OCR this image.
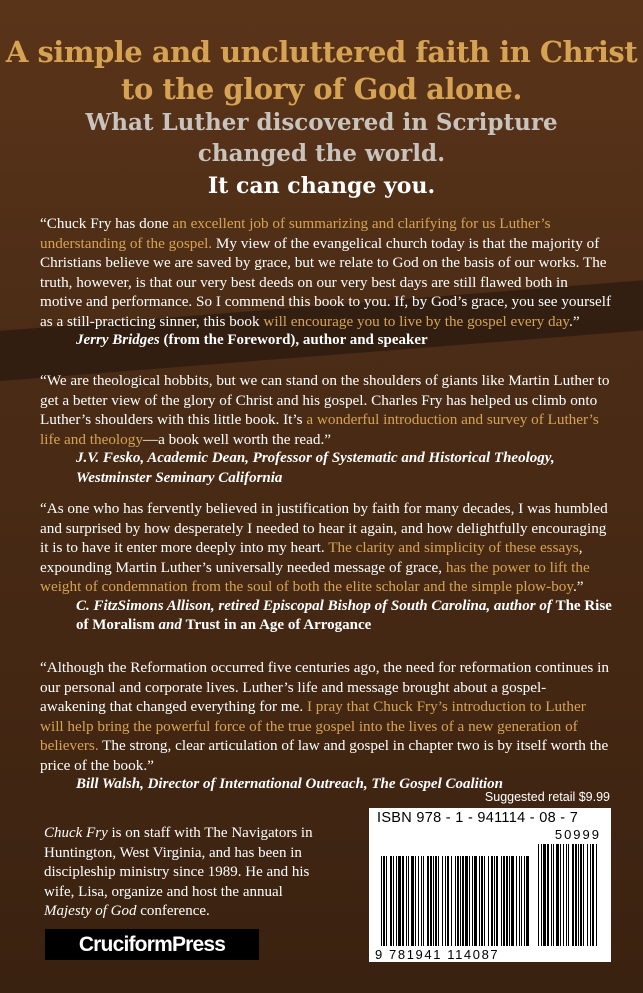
A simple and uncluttered faith in Christ
to the glory of God alone.
What Luther discovered in Scripture
changed the world.
It can change you.
“Chuck Fry has done an excellent job of summarizing and clarifying for us Luther’s understanding of the gospel. My view of the evangelical church today is that the majority of Christians believe we are saved by grace, but we relate to God on the basis of our works. The truth, however, is that our very best deeds on our very best days are still flawed both in motive and performance. So I commend this book to you. If, by God’s grace, you see yourself as a still-practicing sinner, this book will encourage you to live by the gospel every day.”
Jerry Bridges (from the Foreword), author and speaker
“We are theological hobbits, but we can stand on the shoulders of giants like Martin Luther to get a better view of the glory of Christ and his gospel. Charles Fry has helped us climb onto Luther’s shoulders with this little book. It’s a wonderful introduction and survey of Luther’s life and theology—a book well worth the read.”
J.V. Fesko, Academic Dean, Professor of Systematic and Historical Theology, Westminster Seminary California
“As one who has fervently believed in justification by faith for many decades, I was humbled and surprised by how desperately I needed to hear it again, and how delightfully encouraging it is to have it enter more deeply into my heart. The clarity and simplicity of these essays, expounding Martin Luther’s universally needed message of grace, has the power to lift the weight of condemnation from the soul of both the elite scholar and the simple plow-boy.”
C. FitzSimons Allison, retired Episcopal Bishop of South Carolina, author of The Rise of Moralism and Trust in an Age of Arrogance
“Although the Reformation occurred five centuries ago, the need for reformation continues in our personal and corporate lives. Luther’s life and message brought about a gospel-awakening that changed everything for me. I pray that Chuck Fry’s introduction to Luther will help bring the powerful force of the true gospel into the lives of a new generation of believers. The strong, clear articulation of law and gospel in chapter two is by itself worth the price of the book.”
Bill Walsh, Director of International Outreach, The Gospel Coalition
Suggested retail $9.99
Chuck Fry is on staff with The Navigators in Huntington, West Virginia, and has been in discipleship ministry since 1989. He and his wife, Lisa, organize and host the annual Majesty of God conference.
CruciformPress
ISBN 978 - 1 - 941114 - 08 - 7
50999
9 781941 114087
